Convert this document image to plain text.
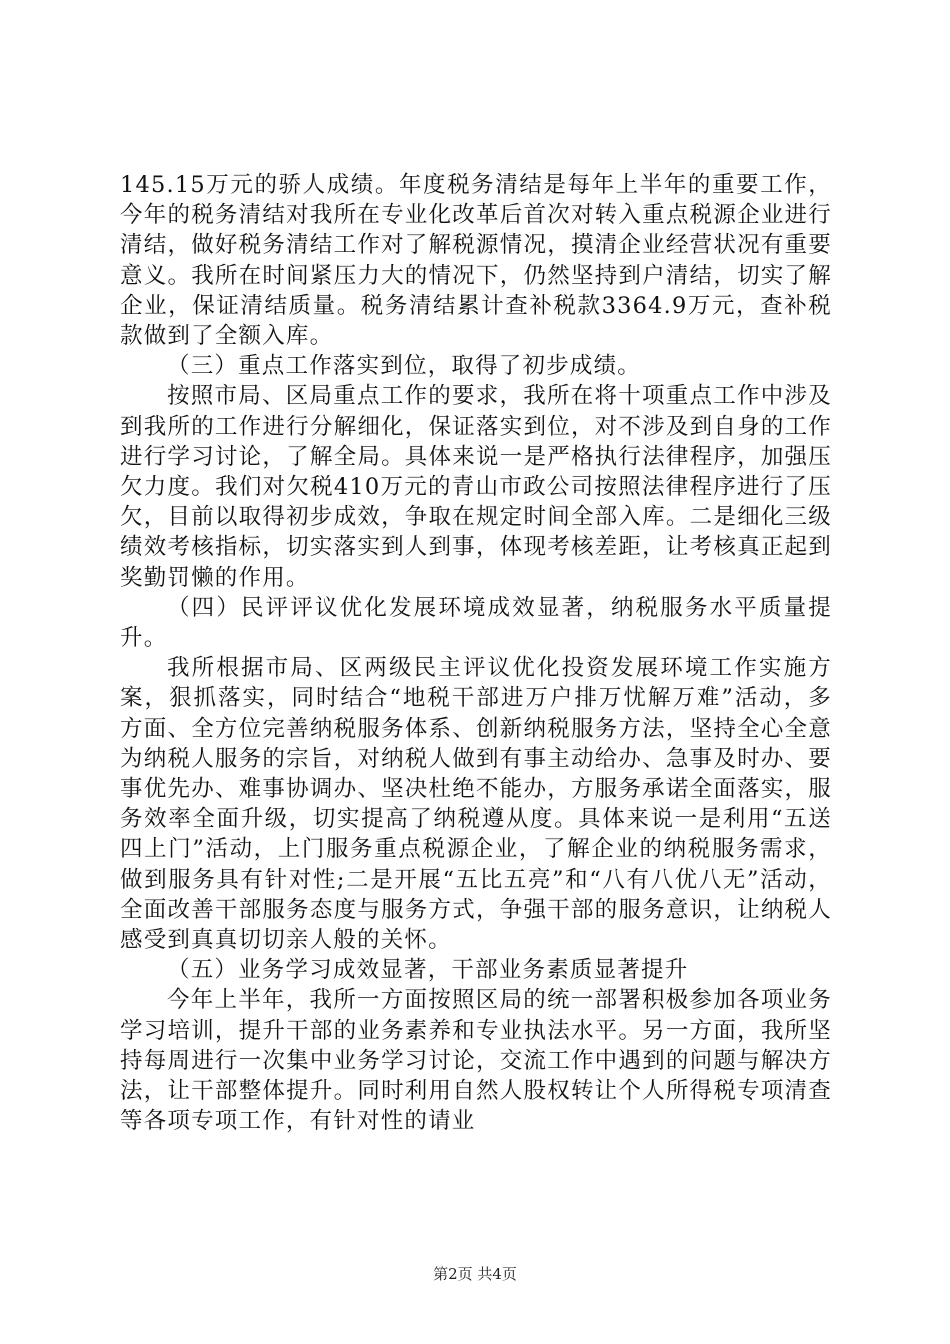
145.15万元的骄人成绩。年度税务清结是每年上半年的重要工作，今年的税务清结对我所在专业化改革后首次对转入重点税源企业进行清结，做好税务清结工作对了解税源情况，摸清企业经营状况有重要意义。我所在时间紧压力大的情况下，仍然坚持到户清结，切实了解企业，保证清结质量。税务清结累计查补税款3364.9万元，查补税款做到了全额入库。

（三）重点工作落实到位，取得了初步成绩。

按照市局、区局重点工作的要求，我所在将十项重点工作中涉及到我所的工作进行分解细化，保证落实到位，对不涉及到自身的工作进行学习讨论，了解全局。具体来说一是严格执行法律程序，加强压欠力度。我们对欠税410万元的青山市政公司按照法律程序进行了压欠，目前以取得初步成效，争取在规定时间全部入库。二是细化三级绩效考核指标，切实落实到人到事，体现考核差距，让考核真正起到奖勤罚懒的作用。

（四）民评评议优化发展环境成效显著，纳税服务水平质量提升。

我所根据市局、区两级民主评议优化投资发展环境工作实施方案，狠抓落实，同时结合“地税干部进万户排万忧解万难”活动，多方面、全方位完善纳税服务体系、创新纳税服务方法，坚持全心全意为纳税人服务的宗旨，对纳税人做到有事主动给办、急事及时办、要事优先办、难事协调办、坚决杜绝不能办，方服务承诺全面落实，服务效率全面升级，切实提高了纳税遵从度。具体来说一是利用“五送四上门”活动，上门服务重点税源企业，了解企业的纳税服务需求，做到服务具有针对性;二是开展“五比五亮”和“八有八优八无”活动，全面改善干部服务态度与服务方式，争强干部的服务意识，让纳税人感受到真真切切亲人般的关怀。

（五）业务学习成效显著，干部业务素质显著提升

今年上半年，我所一方面按照区局的统一部署积极参加各项业务学习培训，提升干部的业务素养和专业执法水平。另一方面，我所坚持每周进行一次集中业务学习讨论，交流工作中遇到的问题与解决方法，让干部整体提升。同时利用自然人股权转让个人所得税专项清查等各项专项工作，有针对性的请业

第2页 共4页
